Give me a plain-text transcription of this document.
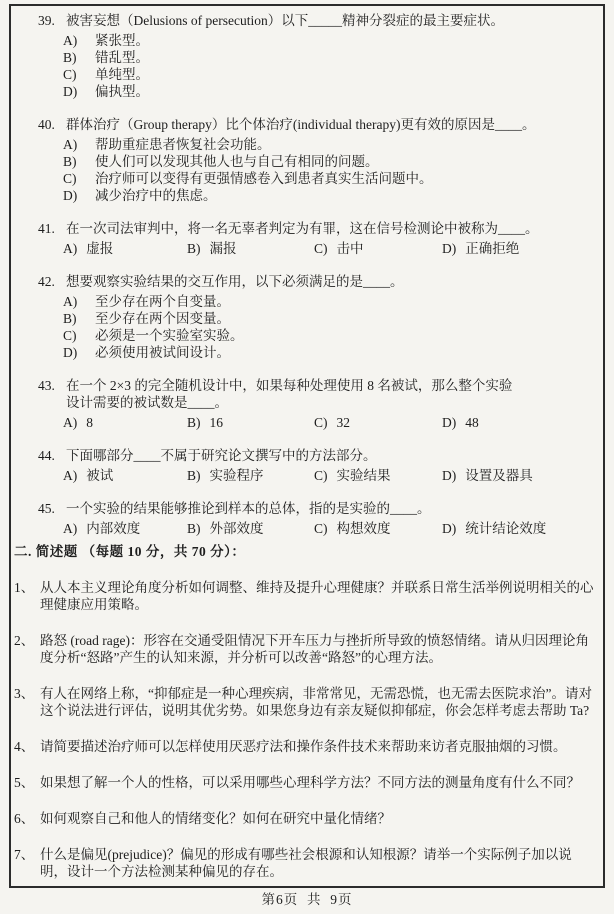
39. 被害妄想（Delusions of persecution）以下_____精神分裂症的最主要症状。
A)	紧张型。
B)	错乱型。
C)	单纯型。
D)	偏执型。
40. 群体治疗（Group therapy）比个体治疗(individual therapy)更有效的原因是____。
A)	帮助重症患者恢复社会功能。
B)	使人们可以发现其他人也与自己有相同的问题。
C)	治疗师可以变得有更强情感卷入到患者真实生活问题中。
D)	减少治疗中的焦虑。
41. 在一次司法审判中，将一名无辜者判定为有罪，这在信号检测论中被称为____。
A) 虚报	B) 漏报	C) 击中	D) 正确拒绝
42. 想要观察实验结果的交互作用，以下必须满足的是____。
A)	至少存在两个自变量。
B)	至少存在两个因变量。
C)	必须是一个实验室实验。
D)	必须使用被试间设计。
43. 在一个 2×3 的完全随机设计中，如果每种处理使用 8 名被试，那么整个实验
设计需要的被试数是____。
A) 8	B) 16	C) 32	D) 48
44. 下面哪部分____不属于研究论文撰写中的方法部分。
A) 被试	B) 实验程序	C) 实验结果	D) 设置及器具
45. 一个实验的结果能够推论到样本的总体，指的是实验的____。
A) 内部效度	B) 外部效度	C) 构想效度	D) 统计结论效度
二. 简述题 （每题 10 分，共 70 分）：
1、 从人本主义理论角度分析如何调整、维持及提升心理健康？并联系日常生活举例说明相关的心理健康应用策略。
2、 路怒 (road rage)：形容在交通受阻情况下开车压力与挫折所导致的愤怒情绪。请从归因理论角度分析“怒路”产生的认知来源，并分析可以改善“路怒”的心理方法。
3、 有人在网络上称，“抑郁症是一种心理疾病，非常常见，无需恐慌，也无需去医院求治”。请对这个说法进行评估，说明其优劣势。如果您身边有亲友疑似抑郁症，你会怎样考虑去帮助 Ta?
4、 请简要描述治疗师可以怎样使用厌恶疗法和操作条件技术来帮助来访者克服抽烟的习惯。
5、 如果想了解一个人的性格，可以采用哪些心理科学方法？不同方法的测量角度有什么不同？
6、 如何观察自己和他人的情绪变化？如何在研究中量化情绪？
7、 什么是偏见(prejudice)？偏见的形成有哪些社会根源和认知根源？请举一个实际例子加以说明，设计一个方法检测某种偏见的存在。
第6页  共  9页
